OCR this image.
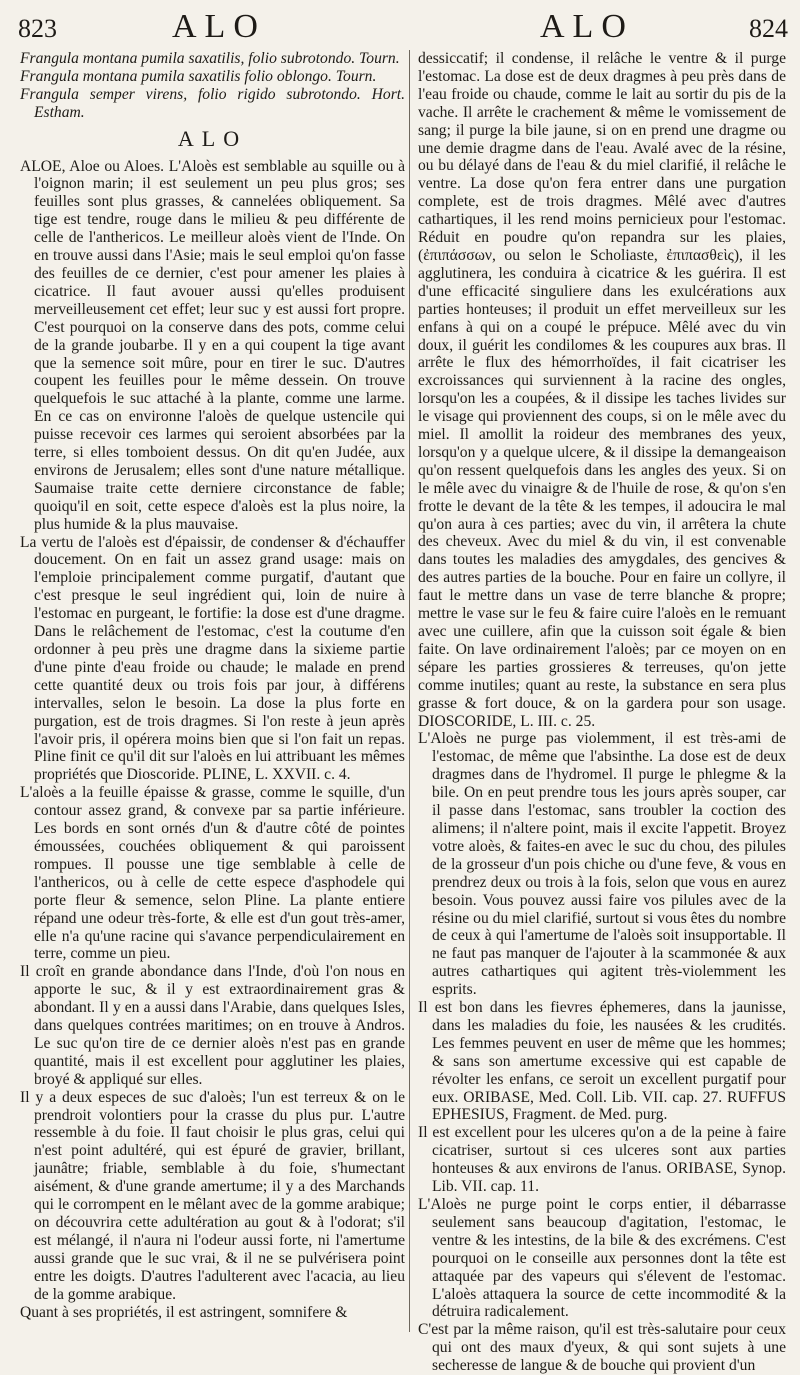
823	ALO	ALO	824

Frangula montana pumila saxatilis, folio subrotondo. Tourn.

Frangula montana pumila saxatilis folio oblongo. Tourn.

Frangula semper virens, folio rigido subrotondo. Hort. Estham.

ALO

ALOE, Aloe ou Aloes. L'Aloès est semblable au squille ou à l'oignon marin; il est seulement un peu plus gros; ses feuilles sont plus grasses, & cannelées obliquement. Sa tige est tendre, rouge dans le milieu & peu différente de celle de l'anthericos. Le meilleur aloès vient de l'Inde. On en trouve aussi dans l'Asie; mais le seul emploi qu'on fasse des feuilles de ce dernier, c'est pour amener les plaies à cicatrice. Il faut avouer aussi qu'elles produisent merveilleusement cet effet; leur suc y est aussi fort propre. C'est pourquoi on la conserve dans des pots, comme celui de la grande joubarbe. Il y en a qui coupent la tige avant que la semence soit mûre, pour en tirer le suc. D'autres coupent les feuilles pour le même dessein. On trouve quelquefois le suc attaché à la plante, comme une larme. En ce cas on environne l'aloès de quelque ustencile qui puisse recevoir ces larmes qui seroient absorbées par la terre, si elles tomboient dessus. On dit qu'en Judée, aux environs de Jerusalem; elles sont d'une nature métallique. Saumaise traite cette derniere circonstance de fable; quoiqu'il en soit, cette espece d'aloès est la plus noire, la plus humide & la plus mauvaise.

La vertu de l'aloès est d'épaissir, de condenser & d'échauffer doucement. On en fait un assez grand usage: mais on l'emploie principalement comme purgatif, d'autant que c'est presque le seul ingrédient qui, loin de nuire à l'estomac en purgeant, le fortifie: la dose est d'une dragme. Dans le relâchement de l'estomac, c'est la coutume d'en ordonner à peu près une dragme dans la sixieme partie d'une pinte d'eau froide ou chaude; le malade en prend cette quantité deux ou trois fois par jour, à différens intervalles, selon le besoin. La dose la plus forte en purgation, est de trois dragmes. Si l'on reste à jeun après l'avoir pris, il opérera moins bien que si l'on fait un repas. Pline finit ce qu'il dit sur l'aloès en lui attribuant les mêmes propriétés que Dioscoride. PLINE, L. XXVII. c. 4.

L'aloès a la feuille épaisse & grasse, comme le squille, d'un contour assez grand, & convexe par sa partie inférieure. Les bords en sont ornés d'un & d'autre côté de pointes émoussées, couchées obliquement & qui paroissent rompues. Il pousse une tige semblable à celle de l'anthericos, ou à celle de cette espece d'asphodele qui porte fleur & semence, selon Pline. La plante entiere répand une odeur très-forte, & elle est d'un gout très-amer, elle n'a qu'une racine qui s'avance perpendiculairement en terre, comme un pieu.

Il croît en grande abondance dans l'Inde, d'où l'on nous en apporte le suc, & il y est extraordinairement gras & abondant. Il y en a aussi dans l'Arabie, dans quelques Isles, dans quelques contrées maritimes; on en trouve à Andros. Le suc qu'on tire de ce dernier aloès n'est pas en grande quantité, mais il est excellent pour agglutiner les plaies, broyé & appliqué sur elles.

Il y a deux especes de suc d'aloès; l'un est terreux & on le prendroit volontiers pour la crasse du plus pur. L'autre ressemble à du foie. Il faut choisir le plus gras, celui qui n'est point adultéré, qui est épuré de gravier, brillant, jaunâtre; friable, semblable à du foie, s'humectant aisément, & d'une grande amertume; il y a des Marchands qui le corrompent en le mêlant avec de la gomme arabique; on découvrira cette adultération au gout & à l'odorat; s'il est mélangé, il n'aura ni l'odeur aussi forte, ni l'amertume aussi grande que le suc vrai, & il ne se pulvérisera point entre les doigts. D'autres l'adulterent avec l'acacia, au lieu de la gomme arabique.

Quant à ses propriétés, il est astringent, somnifere &

dessiccatif; il condense, il relâche le ventre & il purge l'estomac. La dose est de deux dragmes à peu près dans de l'eau froide ou chaude, comme le lait au sortir du pis de la vache. Il arrête le crachement & même le vomissement de sang; il purge la bile jaune, si on en prend une dragme ou une demie dragme dans de l'eau. Avalé avec de la résine, ou bu délayé dans de l'eau & du miel clarifié, il relâche le ventre. La dose qu'on fera entrer dans une purgation complete, est de trois dragmes. Mêlé avec d'autres cathartiques, il les rend moins pernicieux pour l'estomac. Réduit en poudre qu'on repandra sur les plaies, (ἐπιπάσσων, ou selon le Scholiaste, ἐπιπασθεὶς), il les agglutinera, les conduira à cicatrice & les guérira. Il est d'une efficacité singuliere dans les exulcérations aux parties honteuses; il produit un effet merveilleux sur les enfans à qui on a coupé le prépuce. Mêlé avec du vin doux, il guérit les condilomes & les coupures aux bras. Il arrête le flux des hémorrhoïdes, il fait cicatriser les excroissances qui surviennent à la racine des ongles, lorsqu'on les a coupées, & il dissipe les taches livides sur le visage qui proviennent des coups, si on le mêle avec du miel. Il amollit la roideur des membranes des yeux, lorsqu'on y a quelque ulcere, & il dissipe la demangeaison qu'on ressent quelquefois dans les angles des yeux. Si on le mêle avec du vinaigre & de l'huile de rose, & qu'on s'en frotte le devant de la tête & les tempes, il adoucira le mal qu'on aura à ces parties; avec du vin, il arrêtera la chute des cheveux. Avec du miel & du vin, il est convenable dans toutes les maladies des amygdales, des gencives & des autres parties de la bouche. Pour en faire un collyre, il faut le mettre dans un vase de terre blanche & propre; mettre le vase sur le feu & faire cuire l'aloès en le remuant avec une cuillere, afin que la cuisson soit égale & bien faite. On lave ordinairement l'aloès; par ce moyen on en sépare les parties grossieres & terreuses, qu'on jette comme inutiles; quant au reste, la substance en sera plus grasse & fort douce, & on la gardera pour son usage. DIOSCORIDE, L. III. c. 25.

L'Aloès ne purge pas violemment, il est très-ami de l'estomac, de même que l'absinthe. La dose est de deux dragmes dans de l'hydromel. Il purge le phlegme & la bile. On en peut prendre tous les jours après souper, car il passe dans l'estomac, sans troubler la coction des alimens; il n'altere point, mais il excite l'appetit. Broyez votre aloès, & faites-en avec le suc du chou, des pilules de la grosseur d'un pois chiche ou d'une feve, & vous en prendrez deux ou trois à la fois, selon que vous en aurez besoin. Vous pouvez aussi faire vos pilules avec de la résine ou du miel clarifié, surtout si vous êtes du nombre de ceux à qui l'amertume de l'aloès soit insupportable. Il ne faut pas manquer de l'ajouter à la scammonée & aux autres cathartiques qui agitent très-violemment les esprits.

Il est bon dans les fievres éphemeres, dans la jaunisse, dans les maladies du foie, les nausées & les crudités. Les femmes peuvent en user de même que les hommes; & sans son amertume excessive qui est capable de révolter les enfans, ce seroit un excellent purgatif pour eux. ORIBASE, Med. Coll. Lib. VII. cap. 27. RUFFUS EPHESIUS, Fragment. de Med. purg.

Il est excellent pour les ulceres qu'on a de la peine à faire cicatriser, surtout si ces ulceres sont aux parties honteuses & aux environs de l'anus. ORIBASE, Synop. Lib. VII. cap. 11.

L'Aloès ne purge point le corps entier, il débarrasse seulement sans beaucoup d'agitation, l'estomac, le ventre & les intestins, de la bile & des excrémens. C'est pourquoi on le conseille aux personnes dont la tête est attaquée par des vapeurs qui s'élevent de l'estomac. L'aloès attaquera la source de cette incommodité & la détruira radicalement.

C'est par la même raison, qu'il est très-salutaire pour ceux qui ont des maux d'yeux, & qui sont sujets à une secheresse de langue & de bouche qui provient d'un
